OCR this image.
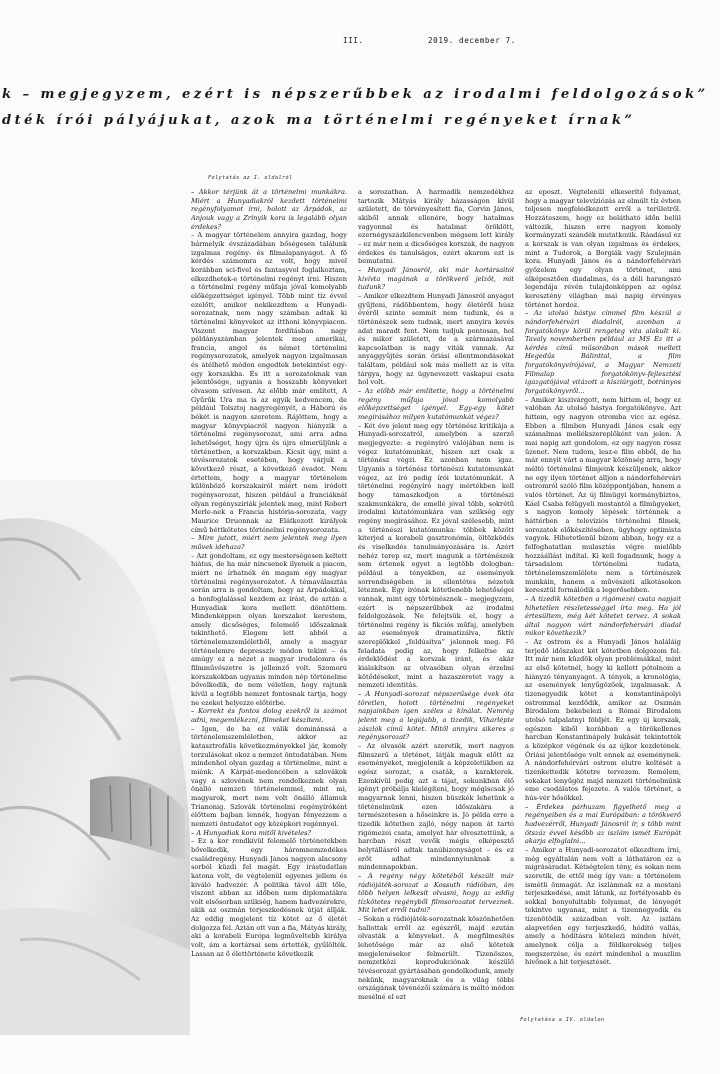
III.	2019. december 7.
k – megjegyzem, ezért is népszerűbbek az irodalmi feldolgozások”
dték írói pályájukat, azok ma történelmi regényeket írnak”
Folytatás az I. oldalról

– Akkor térjünk át a történelmi munkákra. Miért a Hunyadiakról kezdett történelmi regényfolyamot írni, holott az Árpádok, az Anjouk vagy a Zrínyik kora is legalább olyan érdekes?

– A magyar történelem annyira gazdag, hogy bármelyik évszázadában bőségesen találunk izgalmas regény- és filmalapanyagot. A fő kérdés számomra az volt, hogy mivel korábban sci-fivel és fantasyvel foglalkoztam, elkezdhetek-e történelmi regényt írni. Hiszen a történelmi regény műfaja jóval komolyabb előképzettséget igényel. Több mint tíz évvel ezelőtt, amikor nekikezdtem a Hunyadi-sorozatnak, nem nagy számban adtak ki történelmi könyveket az itthoni könyvpiacon. Viszont magyar fordításban nagy példányszámban jelentek meg amerikai, francia, angol és német történelmi regénysorozatok, amelyek nagyon izgalmasan és átélhető módon engedtek betekintést egy-egy korszakba. És itt a sorozatoknak van jelentősége, ugyanis a hosszabb könyveket olvasom szívesen. Az előbb már említett, A Gyűrűk Ura ma is az egyik kedvencem, de például Tolsztoj nagyregényét, a Háború és békét is nagyon szeretem. Rájöttem, hogy a magyar könyvpiacról nagyon hiányzik a történelmi regénysorozat, ami arra adna lehetőséget, hogy újra és újra elmerüljünk a történetben, a korszakban. Kicsit úgy, mint a tévésorozatok esetében, hogy várjuk a következő részt, a következő évadot. Nem értettem, hogy a magyar történelem különböző korszakairól miért nem íródott regénysorozat, hiszen például a franciáknál olyan regénysziriák jelentek meg, mint Robert Merle-nek a Francia história-sorozata, vagy Maurice Druonnak az Elátkozott királyok című héttkötetes történelmi regénysorozata.

– Mire jutott, miért nem jelentek meg ilyen művek idehaza?

– Azt gondoltam, ez egy mesterségesen keltett hiátus, de ha már nincsenek ilyenek a piacon, miért ne írhatnék én magam egy magyar történelmi regénysorozatot. A témaválasztás során arra is gondoltam, hogy az Árpádokkal, a honfoglalással kezdem az írást, de aztán a Hunyadiak kora mellett döntöttem. Mindenképpen olyan korszakot kerestem, amely dicsőséges, felemelő időszaknak tekinthető. Elegem lett abból a történelemszemléletből, amely a magyar történelemre depresszív módon tekint – és amúgy ez a nézet a magyar irodalomra és filmművészetre is jellemző volt. Szomorú korszakokban ugyanis minden nép történelme bővelkedik, de nem véletlen, hogy rajtunk kívül a legtöbb nemzet fontosnak tartja, hogy ne ezeket helyezze előtérbe.

– Korrekt és fontos dolog ezekről is számot adni, megemlékezni, filmeket készíteni.

– Igen, de ha ez válik dominánssá a történelemszemléletben, akkor az katasztrofális következményekkel jár, komoly torzulásokat okoz a nemzet öntudatában. Nem mindenhol olyan gazdag a történelme, mint a miénk. A Kárpát-medencében a szlovákok vagy a szlovének nem rendelkeznek olyan önálló nemzeti történelemmel, mint mi, magyarok, mert nem volt önálló államuk Trianonig. Szlovák történelmi regényíróként előttem bajban lennék, hogyan fényezzem a nemzeti öntudatot egy középkori regénnyel.

– A Hunyadiak kora mitől kivételes?

– Ez a kor rendkívül felemelő történetekben bővelkedik, egy háromnemzedékes családregény. Hunyadi János nagyon alacsony sorból küzdi fel magát. Egy írástudatlan katona volt, de végtelenül egyenes jellem és kiváló hadvezér. A politika távol állt tőle, viszont abban az időben nem diplomatákra volt elsősorban szükség, hanem hadvezérekre, akik az oszmán terjeszkedésnek útját állják. Az eddig megjelent tíz kötet az ő életét dolgozza fel. Aztán ott van a fia, Mátyás király, aki a korabeli Európa legműveltebb királya volt, ám a kortársai sem értették, gyűlölték. Lassan az ő élettörténete következik

a sorozatban. A harmadik nemzedékhez tartozik Mátyás király házasságon kívül született, de törvényesített fia, Corvin János, akiből annak ellenére, hogy hatalmas vagyonnal és hatalmat öröklött, ezernégyszázkilencvenben mégsem lett király – ez már nem a dicsőséges korszak, de nagyon érdekes és tanulságos, ezért akarom ezt is bemutatni.

– Hunyadi Jánosról, aki már kortársaitól kivívta magának a törökverő jelzőt, mit tudunk?

– Amikor elkezdtem Hunyadi Jánosról anyagot gyűjteni, rádöbbentem, hogy életéről húsz évéről szinte semmit nem tudunk, és a történészek sem tudnak, mert annyira kevés adat maradt fent. Nem tudjuk pontosan, hol és mikor született, de a származásával kapcsolatban is nagy viták vannak. Az anyaggyűjtés során óriási ellentmondásokat találtam, például sok más mellett az is vita tárgya, hogy az ügynevezett vaskapui csata hol volt.

– Az előbb már említette, hogy a történelmi regény műfaja jóval komolyabb előképzettséget igényel. Egy-egy kötet megírásához milyen kutatómunkát végez?

– Két éve jelent meg egy történész kritikája a Hunyadi-sorozatról, amelyben a szerző megjegyezte: a regényíró valójában nem is végez kutatómunkát, hiszen azt csak a történész végzi. Ez azonban nem igaz. Ugyanis a történész történészi kutatómunkát végez, az író pedig írói kutatómunkát. A történelmi regényíró nagy mértékben kell hogy támaszkodjon a történészi szakmunkákra, de emellé jóval több, sokrétű irodalmi kutatómunkára van szükség egy regény megírásához. Ez jóval szélesebb, mint a történészi kutatómunka: többek között kiterjed a korabeli gasztronómia, öltözködés és viselkedés tanulmányozására is. Azért nehéz terep ez, mert magunk a történészek sem értenek egyet a legtöbb dologban: például a tényekben, az események sorrendiségében is ellentétes nézetek léteznek. Egy írónak kötetlenebb lehetőségei vannak, mint egy történésznek – megjegyzem, ezért is népszerűbbek az irodalmi feldolgozások. Ne felejtsük el, hogy a történelmi regény is fikciós műfaj, amelyben az események dramatizálva, fiktív szereplőkkel „feldúsítva” jelennek meg. Fő feladata pedig az, hogy felkeltse az érdeklődést a korszak iránt, és akár kialakítson az olvasóban olyan érzelmi kötődéseket, mint a hazaszeretet vagy a nemzeti identitás.

– A Hunyadi-sorozat népszerűsége évek óta töretlen, holott történelmi regényeket napjainkban igen széles a kínálat. Nemrég jelent meg a legújabb, a tizedik, Viharlépte zászlók című kötet. Mitől annyira sikeres a regénysorozat?

– Az olvasók azért szeretik, mert nagyon filmszerű a történet, látják maguk előtt az eseményeket, megjelenik a képzeletükben az egész sorozat, a csaták, a karakterek. Ezenkívül pedig azt a tájat, sokunkban élő igényt próbálja kielégíteni, hogy mégiscsak jó magyarnak lenni, hiszen büszkék lehetünk a történelmünk ezen időszakára a természetesen a hőseinkre is. Jó példa erre a tizedik kötetben zajló, négy napon át tartó rigómezei csata, amelyet hár elvesztettünk, a harcban részt vevők mégis elképesztő helytállásról adtak tanúbizonyságot – és ez erőt adhat mindannyiunknak a mindennapokban.

– A regény négy kötetéből készült már rádiójáték-sorozat a Kossuth rádióban, ám több helyen lelkesít olvasni, hogy az eddig tízkötetes regényből filmsorozatot terveznek. Mit lehet erről tudni?

– Sokan a rádiójáték-sorozatnak köszönhetően hallottak erről az egészről, majd ezután olvasták a könyveket. A megfilmesítés lehetősége már az első kötetek megjelenésekor felmerült. Tizenöszes, nemzetközi koprodukciónak készülő tévésorozat gyártásában gondolkodunk, amely nekünk, magyaroknak és a világ többi országának tévénézői számára is méltó módon mesélné el ezt

az eposzt. Végtelenül elkeserítő folyamat, hogy a magyar televíziózás az elmúlt tíz évben teljesen megfeledkezett erről a területről. Hozzáteszem, hogy ez belátható időn belül változik, hiszen erre nagyon komoly kormányzati szándék mutatkozik. Ráadásul ez a korszak is van olyan izgalmas és érdekes, mint a Tudorok, a Borgiák vagy Szulejmán kora. Hunyadi János és a nándorfehérvári győzelem egy olyan történet, ami elképesztően diadalmas, és a déli harangszó legendája révén tulajdonképpen az egész keresztény világban mai napig érvényes történet hordoz.

– Az utolsó bástya címmel film készül a nándorfehérvári diadalról, azonban a forgatókönyv körül rengeteg vita alakult ki. Tavaly novemberben például az MS Ez itt a kérdés című műsorában mások mellett Hegedűs Bálinttal, a film forgatókönyvírójával, a Magyar Nemzeti Filmalap forgatókönyv-fejlesztési igazgatójával vitázott a kisziúrgott, botrányos forgatókönyvről...

– Amikor kiszivárgott, nem hittem el, hogy ez valóban Az utolsó bástya forgatókönyve. Azt hittem, egy nagyon otromba vicc az egész. Ebben a filmben Hunyadi János csak egy számalmas mellékszereplőként van jelen. A mai napig azt gondolom, ez egy nagyon rossz üzenet. Nem tudom, lesz-e film ebből, de ha már ennyit várt a magyar közönség arra, hogy méltó történelmi filmjeink készüljenek, akkor ne egy ilyen történet álljon a nándorfehérvári ostromról szóló film középpontjában, hanem a valós történet. Az új filmügyi kormánybiztos, Káel Csaba felügyeli mostantól a filmügyeket, s nagyon komoly lépések történnek a háttérben a televíziós történelmi filmek, sorozatok előkészítésében, ügyhogy optimista vagyok. Hihetetlenül bízom abban, hogy ez a felfoghatatlan mulasztás végre mielőbb hozzáállást indítal. Ki kell fogadnunk, hogy a társadalom történelmi tudata, történelemszemlélete nem a történészek munkáin, hanem a művészeti alkotásokon keresztül formálódik a legerősebben.

– A tizedik kötetben a rigómezei csata napjait hihetetlen részletességgel írta meg. Ha jól értesültem, még két kötetet tervez. A sokak által nagyon várt nándorfehérvári diadal mikor következik?

– Az ostrom és a Hunyadi János haláláig terjedő időszakot két kötetben dolgozom fel. Itt már nem küzdök olyan problémákkal, mint az első kötetnél, hogy ki kellett pótolnom a hiányzó tényanyagot. A tények, a kronológia, az események lenyűgözőek, izgalmasak. A tizenegyedik kötet a konstantinápolyi ostrommal kezdődik, amikor az Oszmán Birodalom bekebelezi a Római Birodalom utolsó talpalatnyi földjét. Ez egy új korszak, egészen kiből korábban a törökellenes harcban Konstantinápoly bukását tekintették a középkor végének és az újkor kezdetének. Óriási jelentősége volt ennek az eseménynek. A nándorfehérvári ostrom elutre keltését a tizenkettedik kötetre tervezem. Remélem, sokakat lenyűgöz majd nemzeti történelmünk eme csodálatos fejezete. A valós történet, a hús-vér hősökkel.

– Érdekes párhuzam figyelhető meg a regényeiben és a mai Európában: a törökverő hadvezérről, Hunyadi Jánosról ír, s több mint ötszáz évvel később az iszlám ismét Európát akarja elfoglalni...

– Amikor a Hunyadi-sorozatot elkezdtem írni, még egyáltalán nem volt a láthatáron ez a migrásáradat. Kétségtelen tény, és sokan nem szeretik, de ettől még így van: a történelem ismétli önmagát. Az iszlámnak ez a mostani terjeszkedése, amit látunk, az fortélyosabb és sokkal bonyolultabb folyamat, de lényegét tekintve ugyanaz, mint a tizennegyedik és tizenötödik században volt. Az iszlám alapvetően egy terjeszkedő, hódító vallás, amely a hódításra kötelezi minden hívét, amelynek célja a földkerekség teljes megszerzése, és ezért mindenhol a muszlim hívőnek a hit terjesztését.

Folytatása a IV. oldalon
